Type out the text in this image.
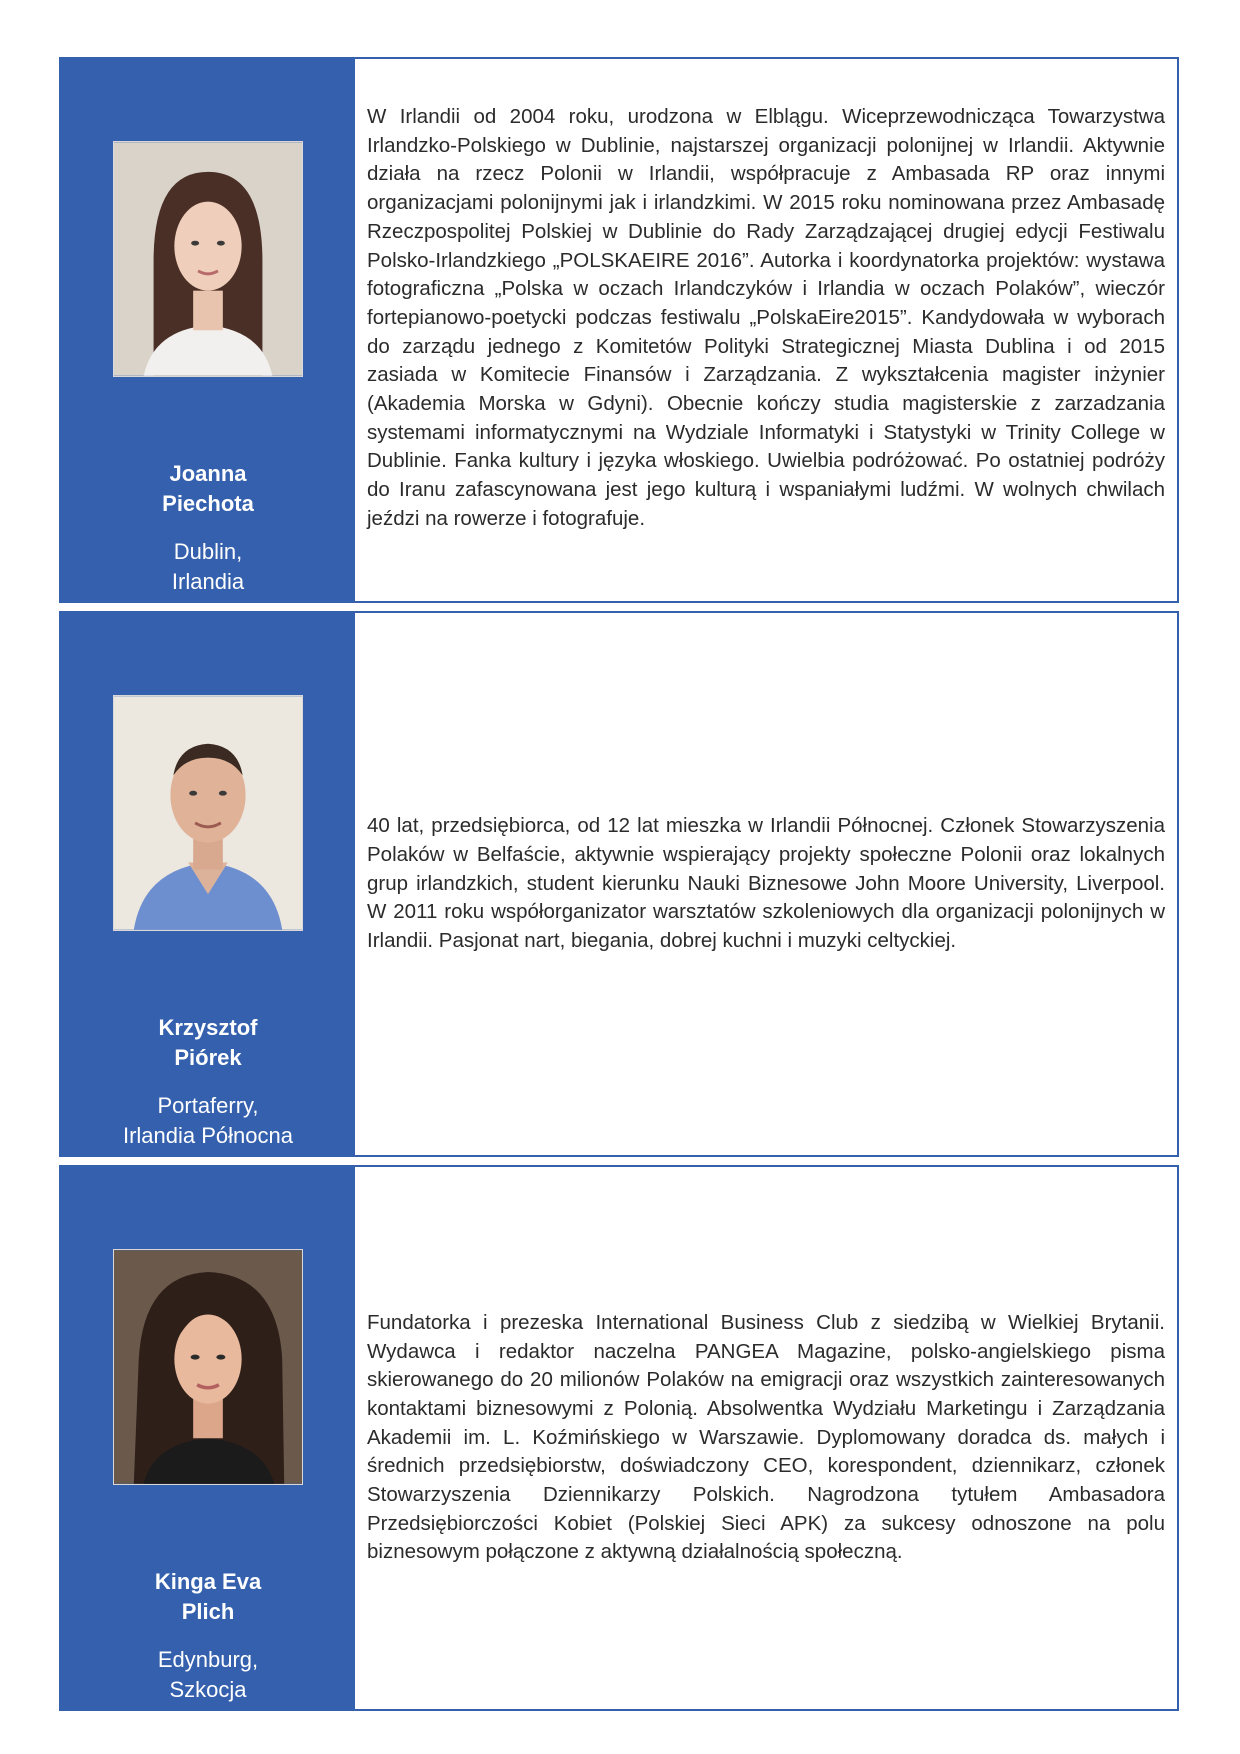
Joanna
Piechota

Dublin,
Irlandia

W Irlandii od 2004 roku, urodzona w Elblągu. Wiceprzewodnicząca Towarzystwa Irlandzko-Polskiego w Dublinie, najstarszej organizacji polonijnej w Irlandii. Aktywnie działa na rzecz Polonii w Irlandii, współpracuje z Ambasada RP oraz innymi organizacjami polonijnymi jak i irlandzkimi. W 2015 roku nominowana przez Ambasadę Rzeczpospolitej Polskiej w Dublinie do Rady Zarządzającej drugiej edycji Festiwalu Polsko-Irlandzkiego „POLSKAEIRE 2016”. Autorka i koordynatorka projektów: wystawa fotograficzna „Polska w oczach Irlandczyków i Irlandia w oczach Polaków”, wieczór fortepianowo-poetycki podczas festiwalu „PolskaEire2015”. Kandydowała w wyborach do zarządu jednego z Komitetów Polityki Strategicznej Miasta Dublina i od 2015 zasiada w Komitecie Finansów i Zarządzania. Z wykształcenia magister inżynier (Akademia Morska w Gdyni). Obecnie kończy studia magisterskie z zarzadzania systemami informatycznymi na Wydziale Informatyki i Statystyki w Trinity College w Dublinie. Fanka kultury i języka włoskiego. Uwielbia podróżować. Po ostatniej podróży do Iranu zafascynowana jest jego kulturą i wspaniałymi ludźmi. W wolnych chwilach jeździ na rowerze i fotografuje.

Krzysztof
Piórek

Portaferry,
Irlandia Północna

40 lat, przedsiębiorca, od 12 lat mieszka w Irlandii Północnej. Członek Stowarzyszenia Polaków w Belfaście, aktywnie wspierający projekty społeczne Polonii oraz lokalnych grup irlandzkich, student kierunku Nauki Biznesowe John Moore University, Liverpool. W 2011 roku współorganizator warsztatów szkoleniowych dla organizacji polonijnych w Irlandii. Pasjonat nart, biegania, dobrej kuchni i muzyki celtyckiej.

Kinga Eva
Plich

Edynburg,
Szkocja

Fundatorka i prezeska International Business Club z siedzibą w Wielkiej Brytanii. Wydawca i redaktor naczelna PANGEA Magazine, polsko-angielskiego pisma skierowanego do 20 milionów Polaków na emigracji oraz wszystkich zainteresowanych kontaktami biznesowymi z Polonią. Absolwentka Wydziału Marketingu i Zarządzania Akademii im. L. Koźmińskiego w Warszawie. Dyplomowany doradca ds. małych i średnich przedsiębiorstw, doświadczony CEO, korespondent, dziennikarz, członek Stowarzyszenia Dziennikarzy Polskich. Nagrodzona tytułem Ambasadora Przedsiębiorczości Kobiet (Polskiej Sieci APK) za sukcesy odnoszone na polu biznesowym połączone z aktywną działalnością społeczną.
